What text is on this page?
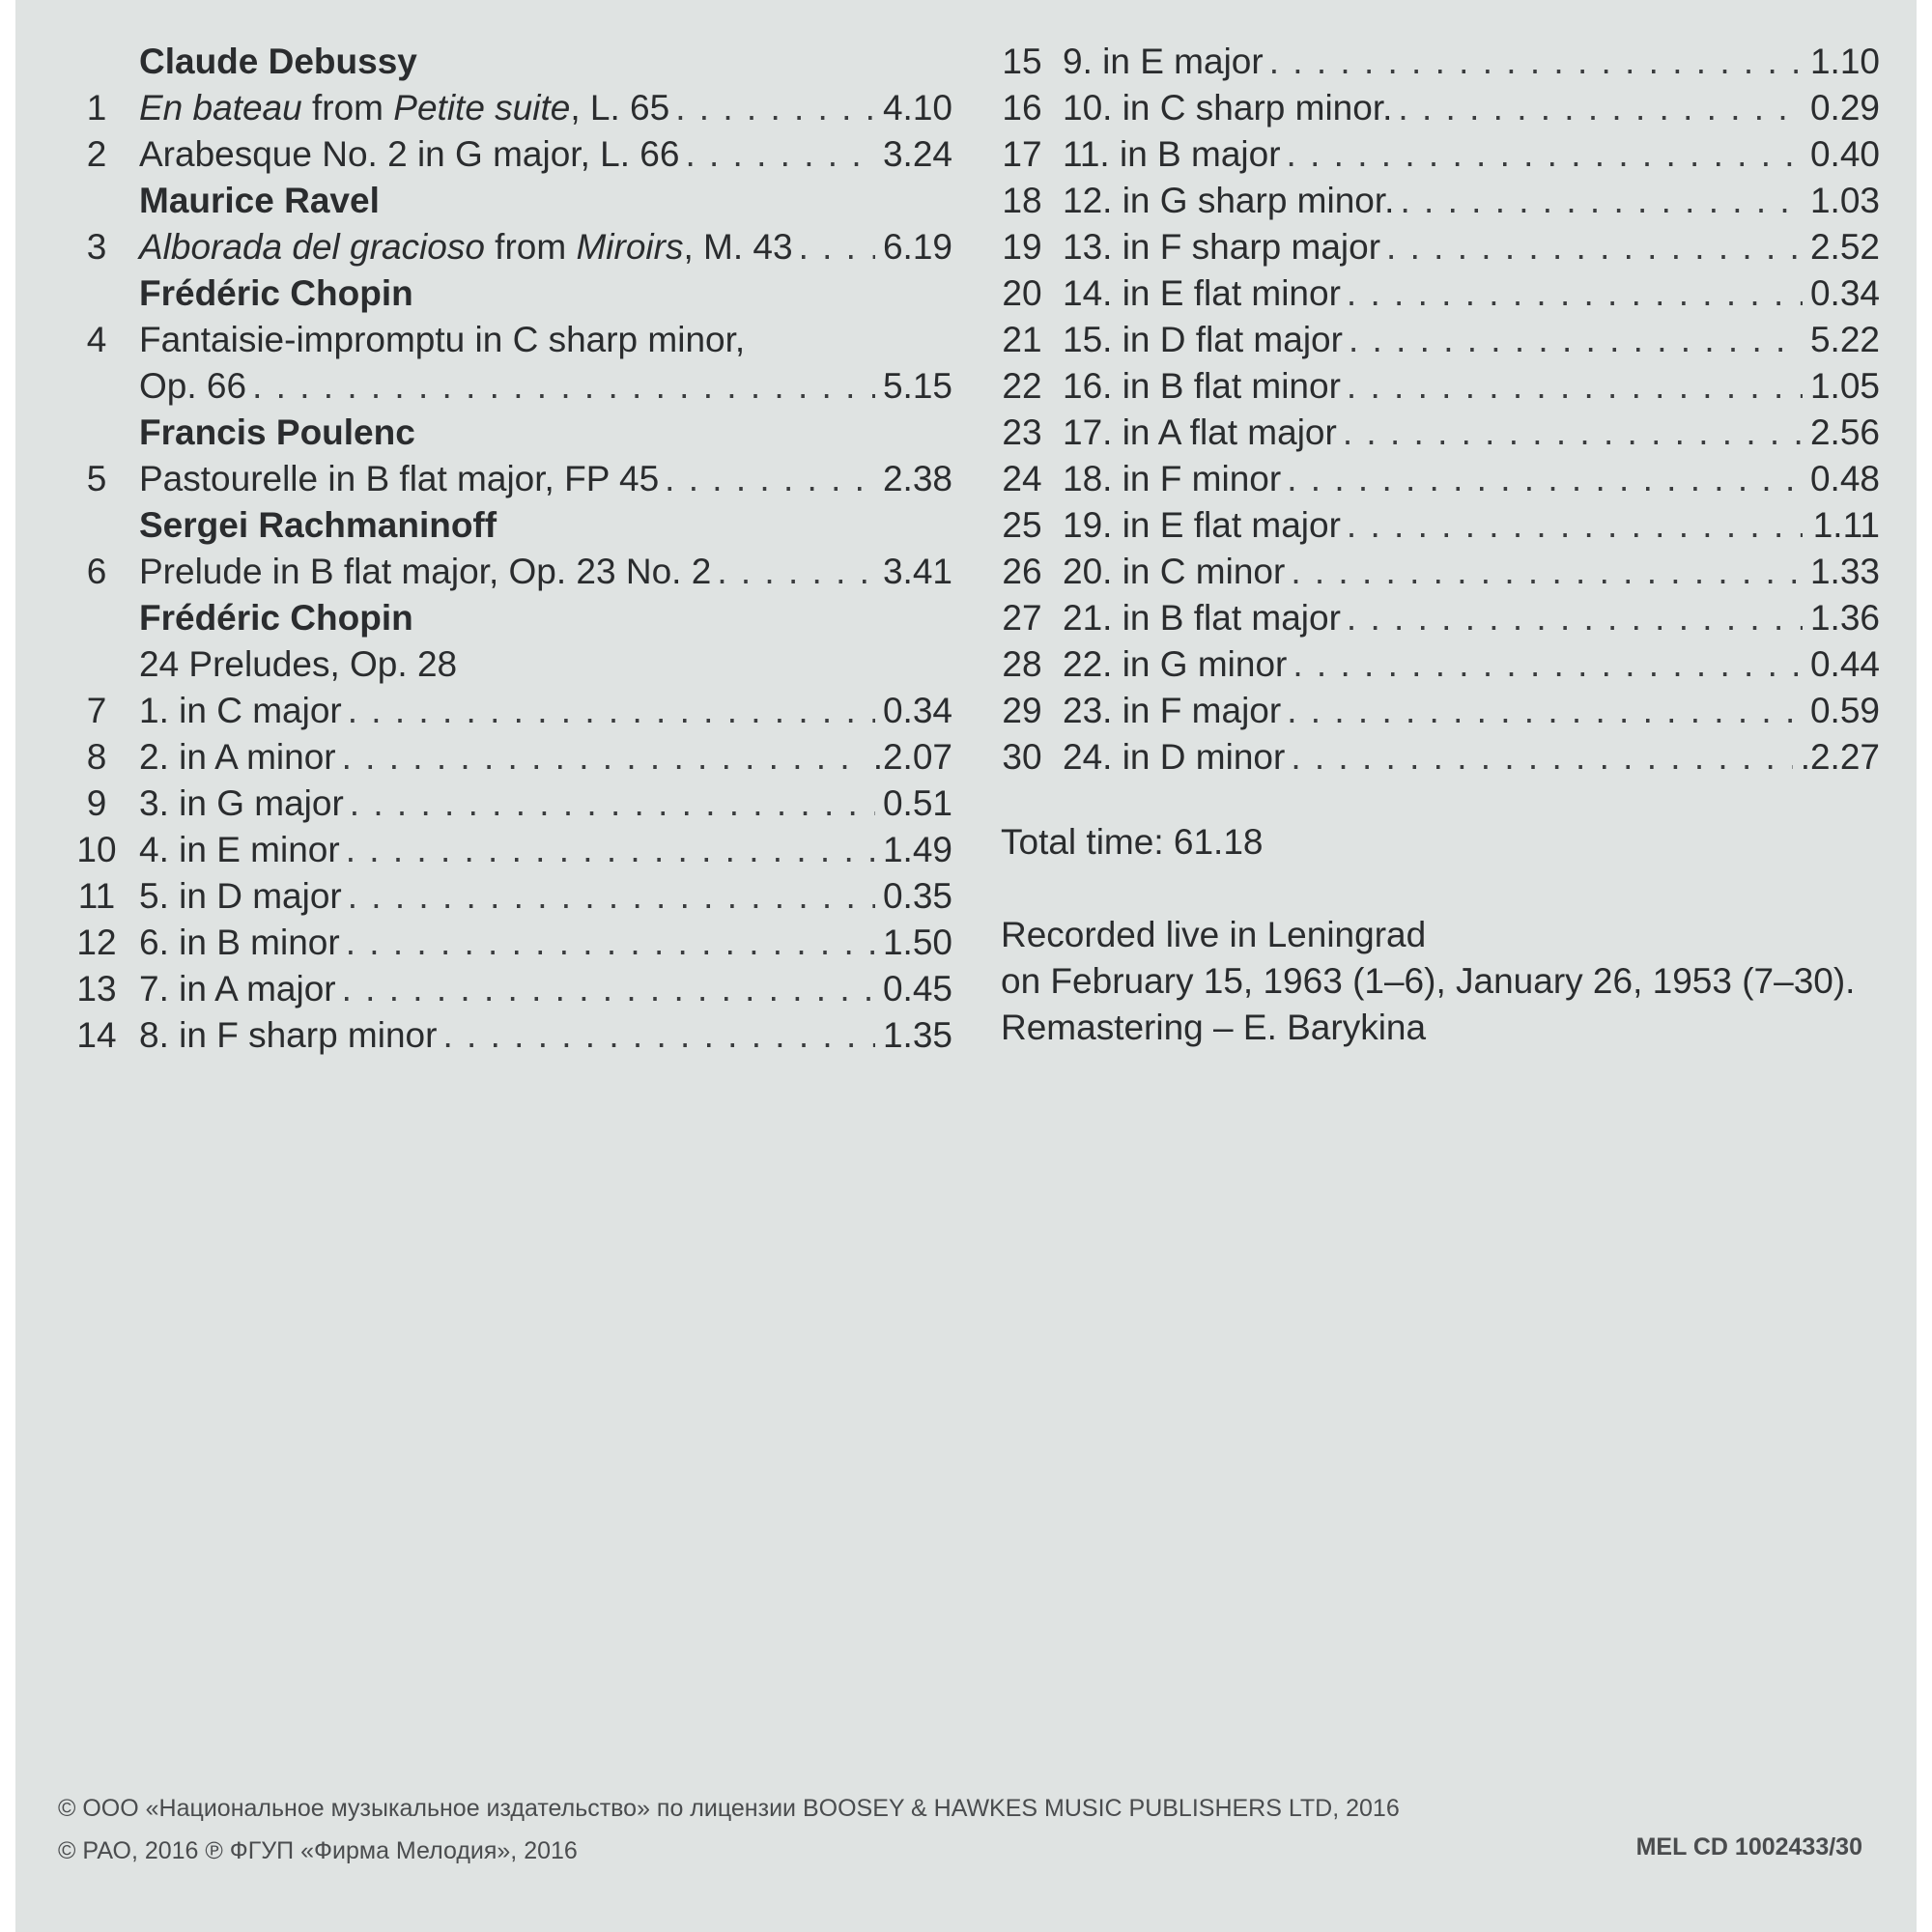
Claude Debussy
1 En bateau from Petite suite, L. 65 . . .	4.10
2 Arabesque No. 2 in G major, L. 66 . . .	3.24
Maurice Ravel
3 Alborada del gracioso from Miroirs, M. 43 . . .	6.19
Frédéric Chopin
4 Fantaisie-impromptu in C sharp minor,
Op. 66 . . .	5.15
Francis Poulenc
5 Pastourelle in B flat major, FP 45 . . .	2.38
Sergei Rachmaninoff
6 Prelude in B flat major, Op. 23 No. 2 . . .	3.41
Frédéric Chopin
24 Preludes, Op. 28
7 1. in C major . . .	0.34
8 2. in A minor . . .	.2.07
9 3. in G major . . .	0.51
10 4. in E minor . . .	1.49
11 5. in D major . . .	0.35
12 6. in B minor . . .	1.50
13 7. in A major . . .	0.45
14 8. in F sharp minor . . .	1.35
15 9. in E major . . .	1.10
16 10. in C sharp minor. . . .	0.29
17 11. in B major . . .	0.40
18 12. in G sharp minor. . . .	1.03
19 13. in F sharp major . . .	2.52
20 14. in E flat minor . . .	0.34
21 15. in D flat major . . .	5.22
22 16. in B flat minor . . .	1.05
23 17. in A flat major . . .	2.56
24 18. in F minor . . .	0.48
25 19. in E flat major . . .	1.11
26 20. in C minor . . .	1.33
27 21. in B flat major . . .	1.36
28 22. in G minor . . .	0.44
29 23. in F major . . .	0.59
30 24. in D minor . . .	.2.27
Total time: 61.18
Recorded live in Leningrad
on February 15, 1963 (1–6), January 26, 1953 (7–30).
Remastering – E. Barykina
© ООО «Национальное музыкальное издательство» по лицензии BOOSEY & HAWKES MUSIC PUBLISHERS LTD, 2016
© РАО, 2016 ℗ ФГУП «Фирма Мелодия», 2016	MEL CD 1002433/30
